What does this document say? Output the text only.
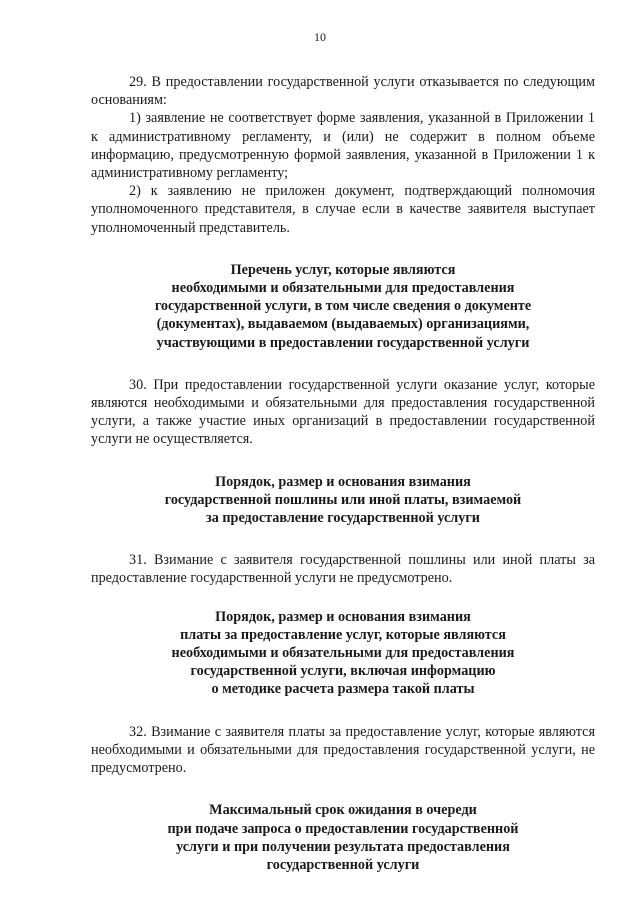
10

29. В предоставлении государственной услуги отказывается по следующим основаниям:

1) заявление не соответствует форме заявления, указанной в Приложении 1 к административному регламенту, и (или) не содержит в полном объеме информацию, предусмотренную формой заявления, указанной в Приложении 1 к административному регламенту;

2) к заявлению не приложен документ, подтверждающий полномочия уполномоченного представителя, в случае если в качестве заявителя выступает уполномоченный представитель.

Перечень услуг, которые являются
необходимыми и обязательными для предоставления
государственной услуги, в том числе сведения о документе
(документах), выдаваемом (выдаваемых) организациями,
участвующими в предоставлении государственной услуги

30. При предоставлении государственной услуги оказание услуг, которые являются необходимыми и обязательными для предоставления государственной услуги, а также участие иных организаций в предоставлении государственной услуги не осуществляется.

Порядок, размер и основания взимания
государственной пошлины или иной платы, взимаемой
за предоставление государственной услуги

31. Взимание с заявителя государственной пошлины или иной платы за предоставление государственной услуги не предусмотрено.

Порядок, размер и основания взимания
платы за предоставление услуг, которые являются
необходимыми и обязательными для предоставления
государственной услуги, включая информацию
о методике расчета размера такой платы

32. Взимание с заявителя платы за предоставление услуг, которые являются необходимыми и обязательными для предоставления государственной услуги, не предусмотрено.

Максимальный срок ожидания в очереди
при подаче запроса о предоставлении государственной
услуги и при получении результата предоставления
государственной услуги
